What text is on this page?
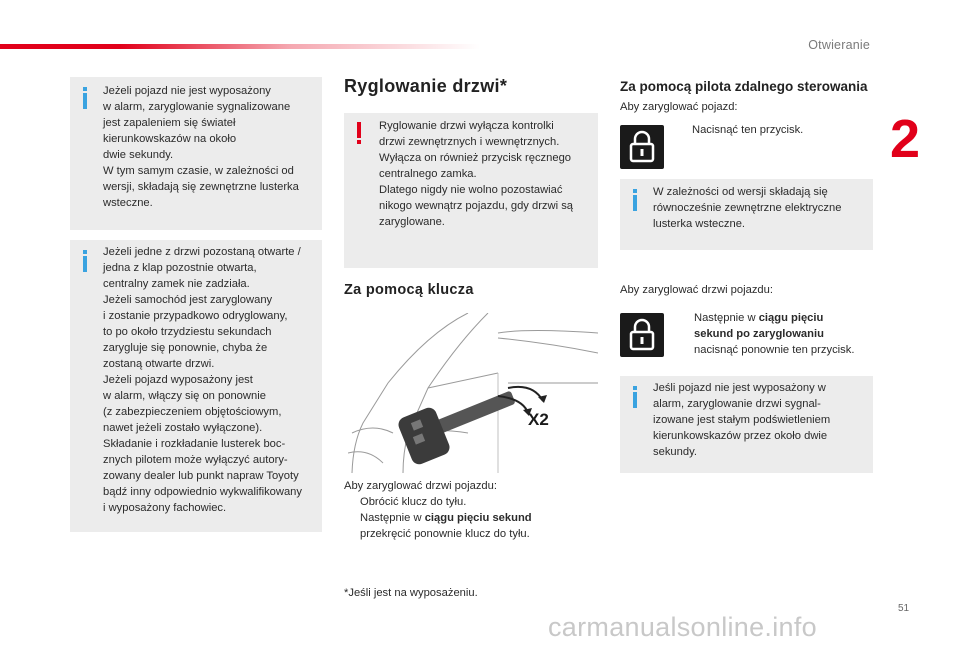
Otwieranie
2

Jeżeli pojazd nie jest wyposażony
w alarm, zaryglowanie sygnalizowane
jest zapaleniem się świateł
kierunkowskazów na około
dwie sekundy.
W tym samym czasie, w zależności od
wersji, składają się zewnętrzne lusterka
wsteczne.

Jeżeli jedne z drzwi pozostaną otwarte /
jedna z klap pozostnie otwarta,
centralny zamek nie zadziała.
Jeżeli samochód jest zaryglowany
i zostanie przypadkowo odryglowany,
to po około trzydziestu sekundach
zarygluje się ponownie, chyba że
zostaną otwarte drzwi.
Jeżeli pojazd wyposażony jest
w alarm, włączy się on ponownie
(z zabezpieczeniem objętościowym,
nawet jeżeli zostało wyłączone).
Składanie i rozkładanie lusterek boc-
znych pilotem może wyłączyć autory-
zowany dealer lub punkt napraw Toyoty
bądź inny odpowiednio wykwalifikowany
i wyposażony fachowiec.

Ryglowanie drzwi*

Ryglowanie drzwi wyłącza kontrolki
drzwi zewnętrznych i wewnętrznych.
Wyłącza on również przycisk ręcznego
centralnego zamka.
Dlatego nigdy nie wolno pozostawiać
nikogo wewnątrz pojazdu, gdy drzwi są
zaryglowane.

Za pomocą klucza
X2

Aby zaryglować drzwi pojazdu:

Obrócić klucz do tyłu.

Następnie w ciągu pięciu sekund
przekręcić ponownie klucz do tyłu.

*Jeśli jest na wyposażeniu.

Za pomocą pilota zdalnego sterowania

Aby zaryglować pojazd:

Nacisnąć ten przycisk.

W zależności od wersji składają się
równocześnie zewnętrzne elektryczne
lusterka wsteczne.

Aby zaryglować drzwi pojazdu:

Następnie w ciągu pięciu
sekund po zaryglowaniu
nacisnąć ponownie ten przycisk.

Jeśli pojazd nie jest wyposażony w
alarm, zaryglowanie drzwi sygnal-
izowane jest stałym podświetleniem
kierunkowskazów przez około dwie
sekundy.

51
carmanualsonline.info
